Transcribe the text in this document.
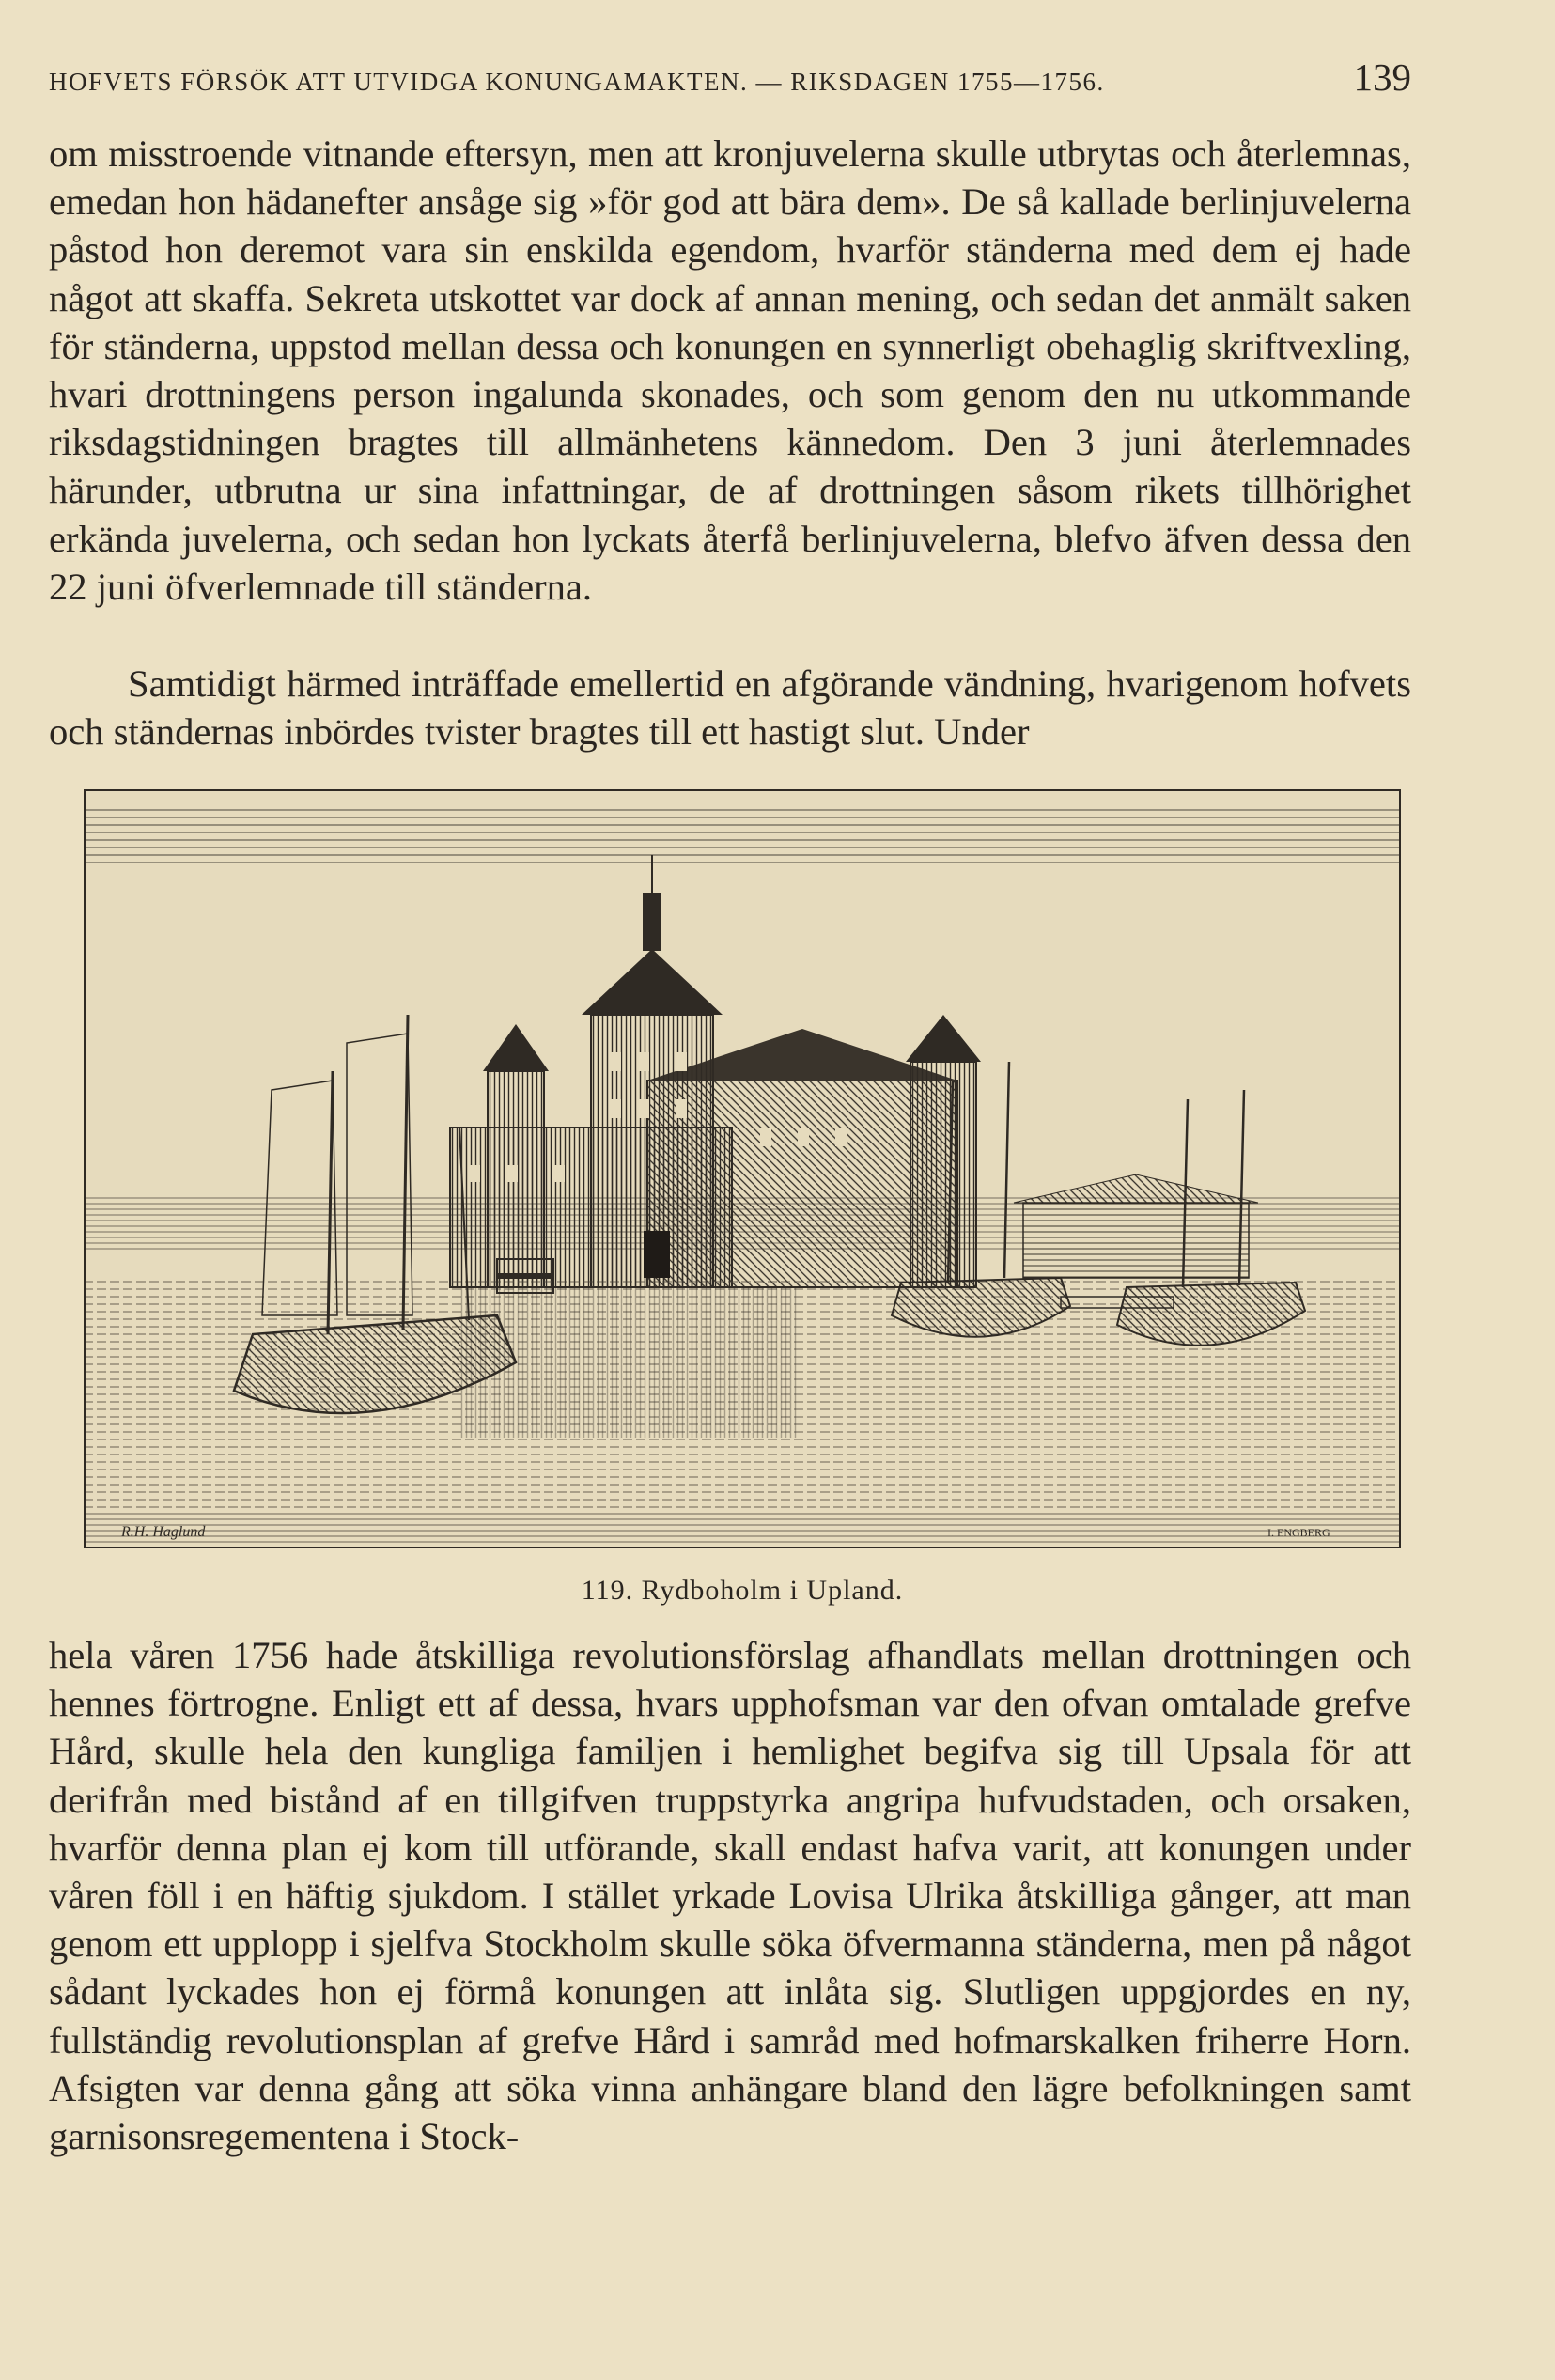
HOFVETS FÖRSÖK ATT UTVIDGA KONUNGAMAKTEN. — RIKSDAGEN 1755—1756.	139

om misstroende vitnande eftersyn, men att kronjuvelerna skulle utbrytas och återlemnas, emedan hon hädanefter ansåge sig »för god att bära dem». De så kallade berlinjuvelerna påstod hon deremot vara sin enskilda egendom, hvarför ständerna med dem ej hade något att skaffa. Sekreta utskottet var dock af annan mening, och sedan det anmält saken för ständerna, uppstod mellan dessa och konungen en synnerligt obehaglig skriftvexling, hvari drottningens person ingalunda skonades, och som genom den nu utkommande riksdagstidningen bragtes till allmänhetens kännedom. Den 3 juni återlemnades härunder, utbrutna ur sina infattningar, de af drottningen såsom rikets tillhörighet erkända juvelerna, och sedan hon lyckats återfå berlinjuvelerna, blefvo äfven dessa den 22 juni öfverlemnade till ständerna.

Samtidigt härmed inträffade emellertid en afgörande vändning, hvarigenom hofvets och ständernas inbördes tvister bragtes till ett hastigt slut. Under

R.H. Haglund	I. ENGBERG
119. Rydboholm i Upland.

hela våren 1756 hade åtskilliga revolutionsförslag afhandlats mellan drottningen och hennes förtrogne. Enligt ett af dessa, hvars upphofsman var den ofvan omtalade grefve Hård, skulle hela den kungliga familjen i hemlighet begifva sig till Upsala för att derifrån med bistånd af en tillgifven truppstyrka angripa hufvudstaden, och orsaken, hvarför denna plan ej kom till utförande, skall endast hafva varit, att konungen under våren föll i en häftig sjukdom. I stället yrkade Lovisa Ulrika åtskilliga gånger, att man genom ett upplopp i sjelfva Stockholm skulle söka öfvermanna ständerna, men på något sådant lyckades hon ej förmå konungen att inlåta sig. Slutligen uppgjordes en ny, fullständig revolutionsplan af grefve Hård i samråd med hofmarskalken friherre Horn. Afsigten var denna gång att söka vinna anhängare bland den lägre befolkningen samt garnisonsregementena i Stock-
